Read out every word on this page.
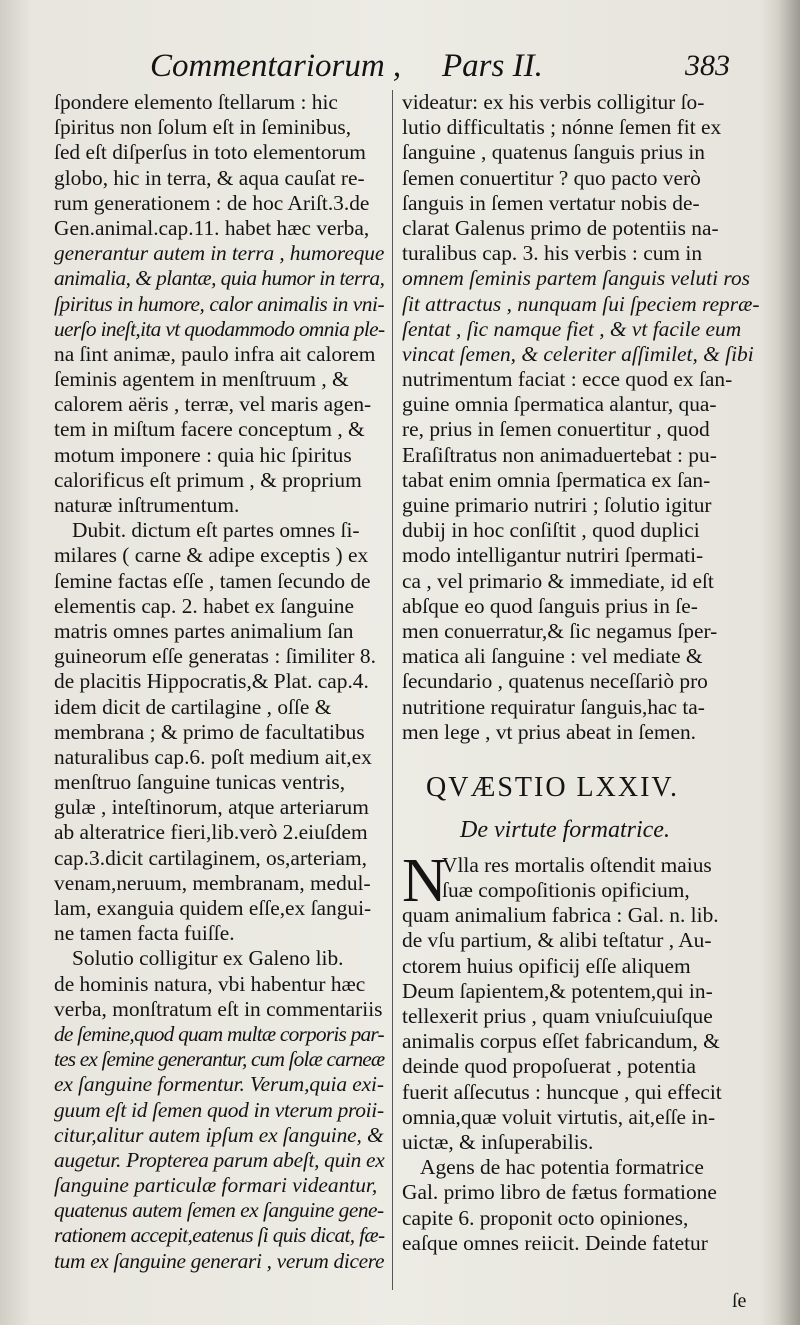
Commentariorum , Pars II.	383
ſpondere elemento ſtellarum : hic
ſpiritus non ſolum eſt in ſeminibus,
ſed eſt diſperſus in toto elementorum
globo, hic in terra, & aqua cauſat re-
rum generationem : de hoc Ariſt.3.de
Gen.animal.cap.11. habet hæc verba,
generantur autem in terra , humoreque
animalia, & plantæ, quia humor in terra,
ſpiritus in humore, calor animalis in vni-
uerſo ineſt,ita vt quodammodo omnia ple-
na ſint animæ, paulo infra ait calorem
ſeminis agentem in menſtruum , &
calorem aëris , terræ, vel maris agen-
tem in miſtum facere conceptum , &
motum imponere : quia hic ſpiritus
calorificus eſt primum , & proprium
naturæ inſtrumentum.
Dubit. dictum eſt partes omnes ſi-
milares ( carne & adipe exceptis ) ex
ſemine factas eſſe , tamen ſecundo de
elementis cap. 2. habet ex ſanguine
matris omnes partes animalium ſan
guineorum eſſe generatas : ſimiliter 8.
de placitis Hippocratis,& Plat. cap.4.
idem dicit de cartilagine , oſſe &
membrana ; & primo de facultatibus
naturalibus cap.6. poſt medium ait,ex
menſtruo ſanguine tunicas ventris,
gulæ , inteſtinorum, atque arteriarum
ab alteratrice fieri,lib.verò 2.eiuſdem
cap.3.dicit cartilaginem, os,arteriam,
venam,neruum, membranam, medul-
lam, exanguia quidem eſſe,ex ſangui-
ne tamen facta fuiſſe.
Solutio colligitur ex Galeno lib.
de hominis natura, vbi habentur hæc
verba, monſtratum eſt in commentariis
de ſemine,quod quam multæ corporis par-
tes ex ſemine generantur, cum ſolæ carneæ
ex ſanguine formentur. Verum,quia exi-
guum eſt id ſemen quod in vterum proii-
citur,alitur autem ipſum ex ſanguine, &
augetur. Propterea parum abeſt, quin ex
ſanguine particulæ formari videantur,
quatenus autem ſemen ex ſanguine gene-
rationem accepit,eatenus ſi quis dicat, fæ-
tum ex ſanguine generari , verum dicere
videatur: ex his verbis colligitur ſo-
lutio difficultatis ; nónne ſemen fit ex
ſanguine , quatenus ſanguis prius in
ſemen conuertitur ? quo pacto verò
ſanguis in ſemen vertatur nobis de-
clarat Galenus primo de potentiis na-
turalibus cap. 3. his verbis : cum in
omnem ſeminis partem ſanguis veluti ros
ſit attractus , nunquam ſui ſpeciem repræ-
ſentat , ſic namque fiet , & vt facile eum
vincat ſemen, & celeriter aſſimilet, & ſibi
nutrimentum faciat : ecce quod ex ſan-
guine omnia ſpermatica alantur, qua-
re, prius in ſemen conuertitur , quod
Eraſiſtratus non animaduertebat : pu-
tabat enim omnia ſpermatica ex ſan-
guine primario nutriri ; ſolutio igitur
dubij in hoc conſiſtit , quod duplici
modo intelligantur nutriri ſpermati-
ca , vel primario & immediate, id eſt
abſque eo quod ſanguis prius in ſe-
men conuerratur,& ſic negamus ſper-
matica ali ſanguine : vel mediate &
ſecundario , quatenus neceſſariò pro
nutritione requiratur ſanguis,hac ta-
men lege , vt prius abeat in ſemen.
QVÆSTIO LXXIV.
De virtute formatrice.
N
Vlla res mortalis oſtendit maius
ſuæ compoſitionis opificium,
quam animalium fabrica : Gal. n. lib.
de vſu partium, & alibi teſtatur , Au-
ctorem huius opificij eſſe aliquem
Deum ſapientem,& potentem,qui in-
tellexerit prius , quam vniuſcuiuſque
animalis corpus eſſet fabricandum, &
deinde quod propoſuerat , potentia
fuerit aſſecutus : huncque , qui effecit
omnia,quæ voluit virtutis, ait,eſſe in-
uictæ, & inſuperabilis.
Agens de hac potentia formatrice
Gal. primo libro de fætus formatione
capite 6. proponit octo opiniones,
eaſque omnes reiicit. Deinde fatetur
ſe
